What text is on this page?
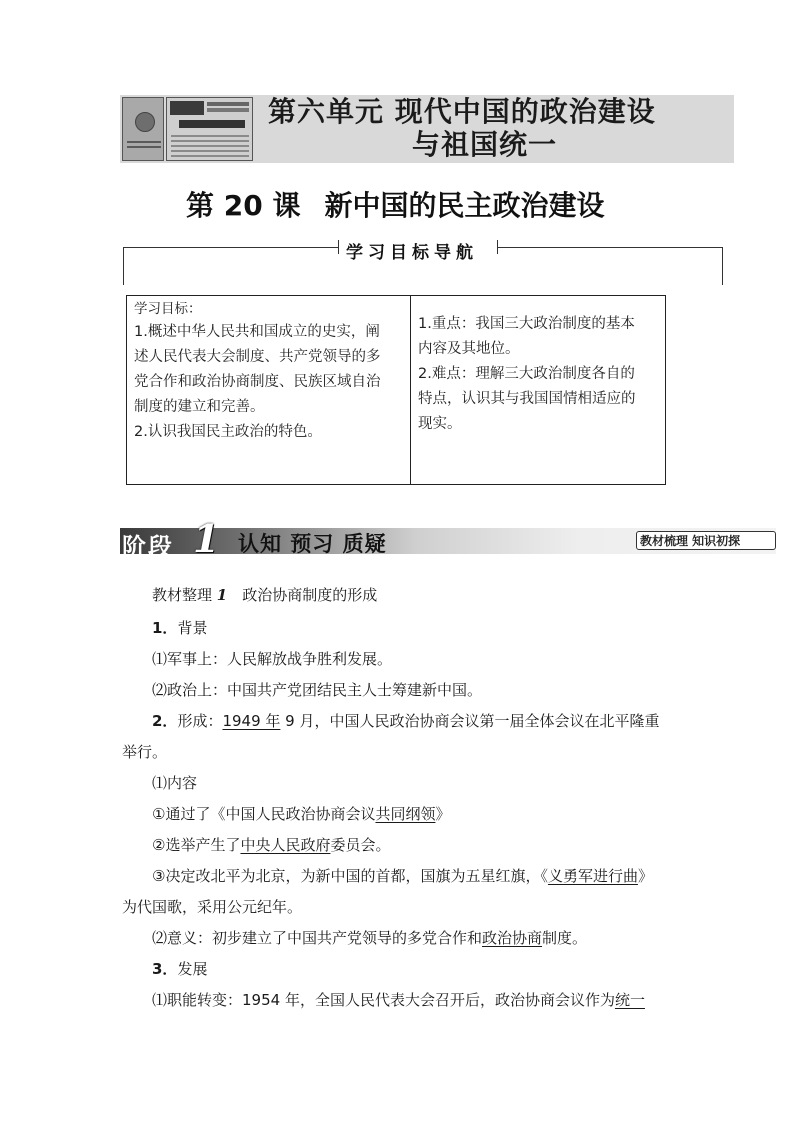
第六单元 现代中国的政治建设
与祖国统一
第 20 课 新中国的民主政治建设
学习目标导航
学习目标：
1.概述中华人民共和国成立的史实，阐
述人民代表大会制度、共产党领导的多
党合作和政治协商制度、民族区域自治
制度的建立和完善。
2.认识我国民主政治的特色。
1.重点：我国三大政治制度的基本
内容及其地位。
2.难点：理解三大政治制度各自的
特点，认识其与我国国情相适应的
现实。
阶段 1 认知 预习 质疑	教材梳理 知识初探
教材整理 1　政治协商制度的形成
1．背景
⑴军事上：人民解放战争胜利发展。
⑵政治上：中国共产党团结民主人士筹建新中国。
2．形成：1949 年 9 月，中国人民政治协商会议第一届全体会议在北平隆重
举行。
⑴内容
①通过了《中国人民政治协商会议共同纲领》
②选举产生了中央人民政府委员会。
③决定改北平为北京，为新中国的首都，国旗为五星红旗，《义勇军进行曲》
为代国歌，采用公元纪年。
⑵意义：初步建立了中国共产党领导的多党合作和政治协商制度。
3．发展
⑴职能转变：1954 年，全国人民代表大会召开后，政治协商会议作为统一
